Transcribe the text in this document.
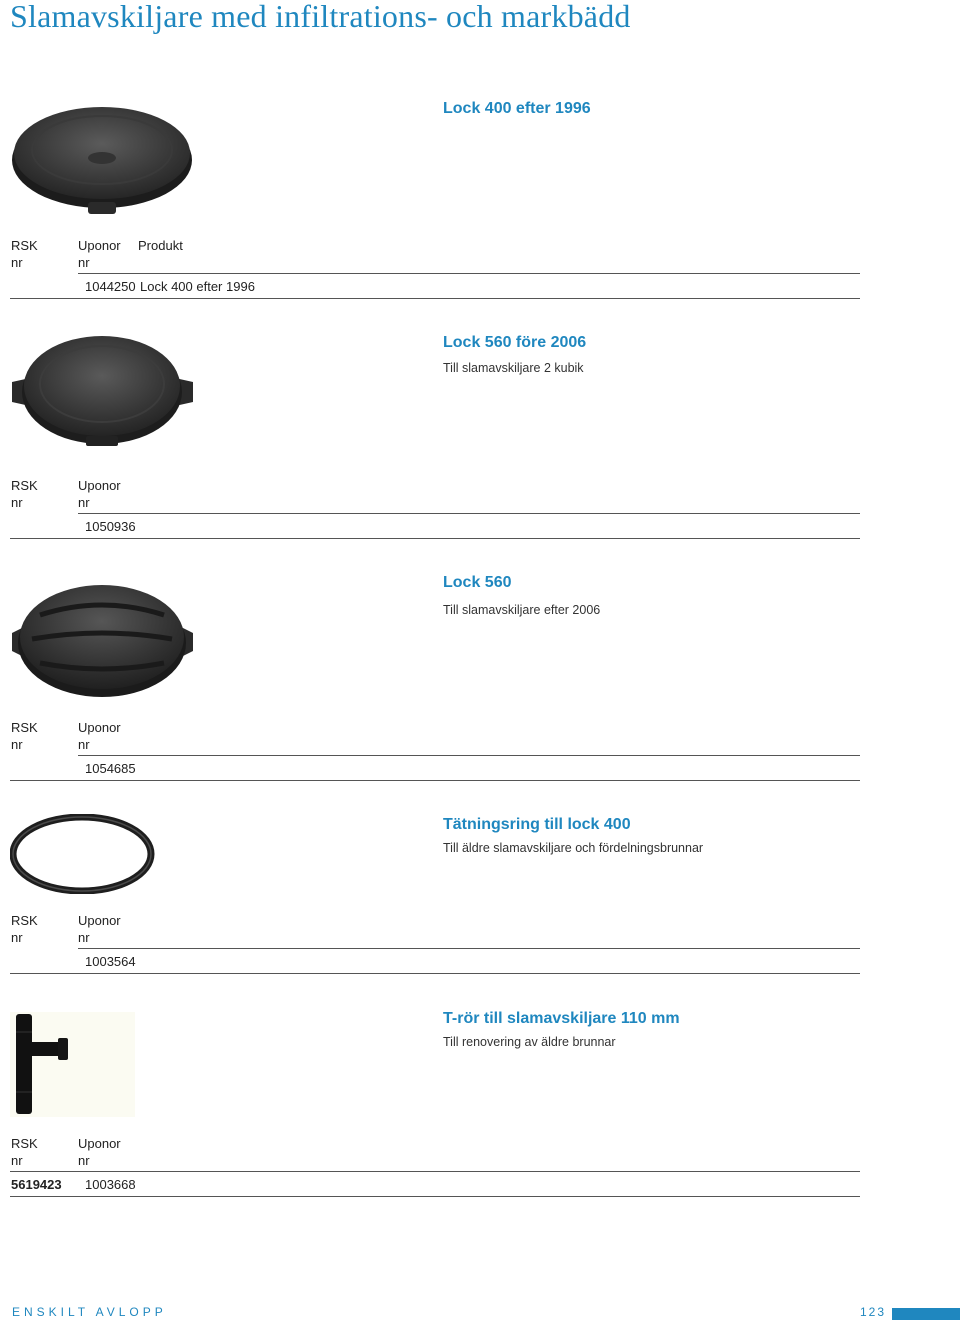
Slamavskiljare med infiltrations- och markbädd
Lock 400 efter 1996
RSK
nr
Uponor
nr
Produkt
1044250 Lock 400 efter 1996
Lock 560 före 2006

Till slamavskiljare 2 kubik

RSK
nr
Uponor
nr
1050936
Lock 560

Till slamavskiljare efter 2006

RSK
nr
Uponor
nr
1054685
Tätningsring till lock 400

Till äldre slamavskiljare och fördelningsbrunnar

RSK
nr
Uponor
nr
1003564
T-rör till slamavskiljare 110 mm

Till renovering av äldre brunnar

RSK
nr
Uponor
nr
5619423 1003668
ENSKILT AVLOPP	123
